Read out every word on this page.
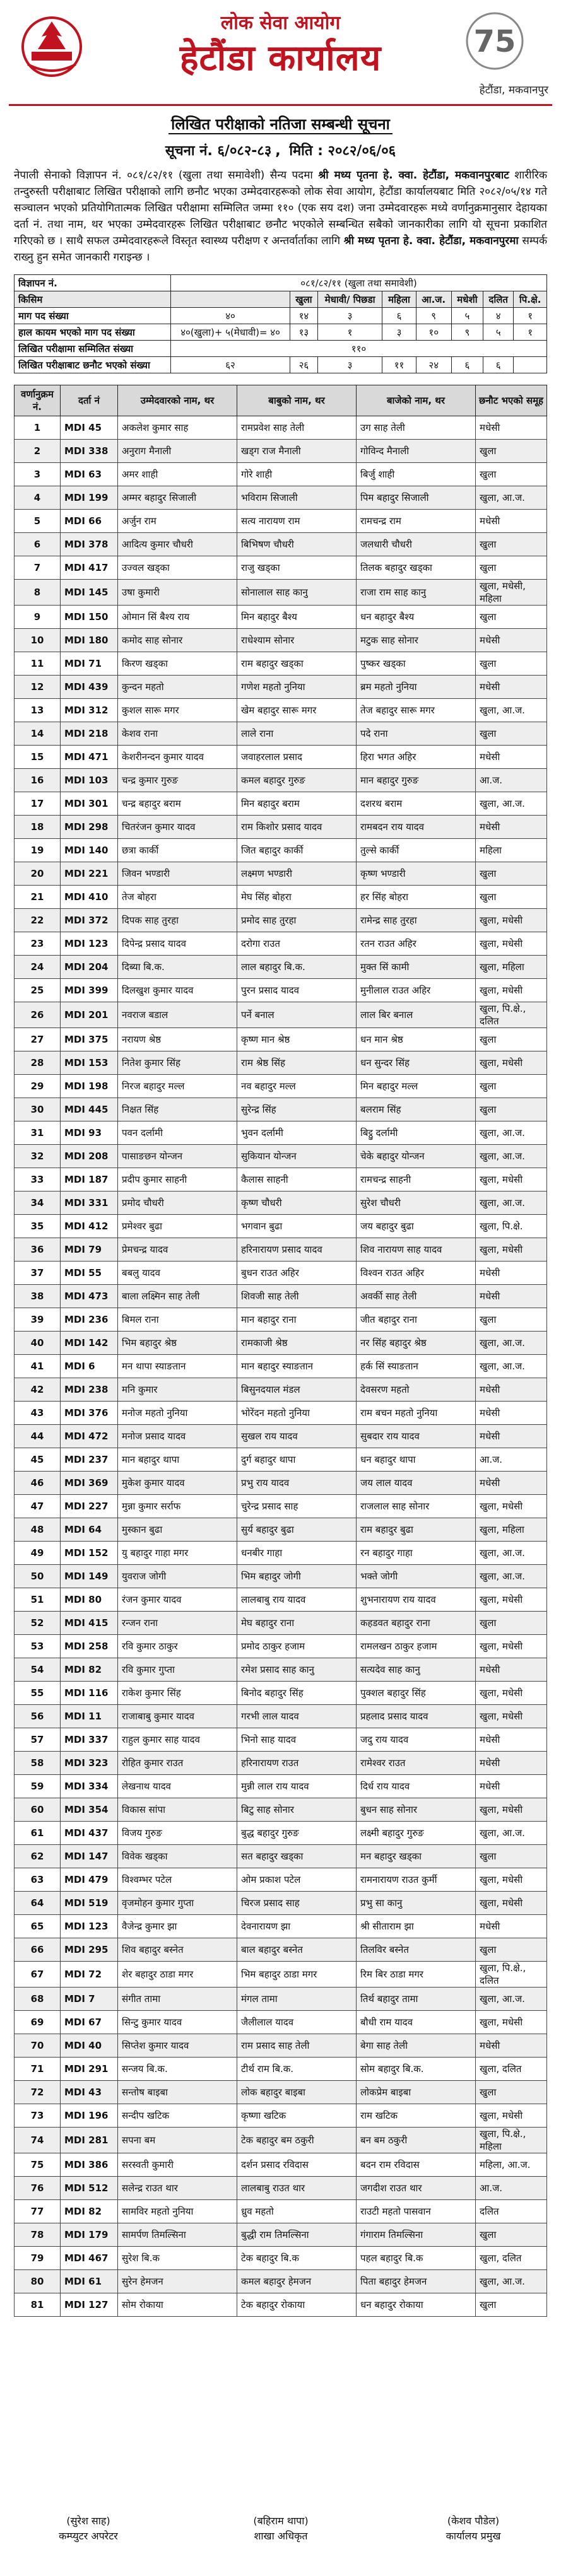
लोक सेवा आयोग
हेटौंडा कार्यालय	75
हेटौंडा, मकवानपुर
लिखित परीक्षाको नतिजा सम्बन्धी सूचना
सूचना नं. ६/०८२-८३ , मिति : २०८२/०६/०६
नेपाली सेनाको विज्ञापन नं. ०८१/८२/११ (खुला तथा समावेशी) सैन्य पदमा श्री मध्य पृतना हे. क्वा. हेटौंडा, मकवानपुरबाट शारीरिक तन्दुरुस्ती परीक्षाबाट लिखित परीक्षाको लागि छनौट भएका उम्मेदवारहरूको लोक सेवा आयोग, हेटौंडा कार्यालयबाट मिति २०८२/०५/१४ गते सञ्चालन भएको प्रतियोगितात्मक लिखित परीक्षामा सम्मिलित जम्मा ११० (एक सय दश) जना उम्मेदवारहरू मध्ये वर्णानुक्रमानुसार देहायका दर्ता नं. तथा नाम, थर भएका उम्मेदवारहरू लिखित परीक्षाबाट छनौट भएकोले सम्बन्धित सबैको जानकारीका लागि यो सूचना प्रकाशित गरिएको छ । साथै सफल उम्मेदवारहरूले विस्तृत स्वास्थ्य परीक्षण र अन्तर्वार्ताका लागि श्री मध्य पृतना हे. क्वा. हेटौंडा, मकवानपुरमा सम्पर्क राख्नु हुन समेत जानकारी गराइन्छ ।
विज्ञापन नं.	०८१/८२/११ (खुला तथा समावेशी)							
किसिम		खुला	मेधावी/ पिछडा	महिला	आ.ज.	मधेशी	दलित	पि.क्षे.
माग पद संख्या	४०	१४	३	६	९	५	४	१
हाल कायम भएको माग पद संख्या	४०(खुला)+ ५(मेधावी)= ४०	१३	१	३	१०	९	५	१
लिखित परीक्षामा सम्मिलित संख्या	११०							
लिखित परीक्षाबाट छनौट भएको संख्या	६२	२६	३	११	२४	६	६	
वर्णानुक्रम नं.	दर्ता नं	उम्मेदवारको नाम, थर	बाबुको नाम, थर	बाजेको नाम, थर	छनौट भएको समूह
1	MDI 45	अकलेश कुमार साह	रामप्रवेश साह तेली	उग साह तेली	मधेसी
2	MDI 338	अनुराग मैनाली	खड्ग राज मैनाली	गोविन्द मैनाली	खुला
3	MDI 63	अमर शाही	गोरे शाही	बिर्जु शाही	खुला
4	MDI 199	अम्मर बहादुर सिजाली	भविराम सिजाली	पिम बहादुर सिजाली	खुला, आ.ज.
5	MDI 66	अर्जुन राम	सत्य नारायण राम	रामचन्द्र राम	मधेसी
6	MDI 378	आदित्य कुमार चौधरी	बिभिषण चौधरी	जलधारी चौधरी	खुला
7	MDI 417	उज्वल खड्का	राजु खड्का	तिलक बहादुर खड्का	खुला
8	MDI 145	उषा कुमारी	सोनालाल साह कानु	राजा राम साह कानु	खुला, मधेसी, महिला
9	MDI 150	ओमान सिं बैश्य राय	मिन बहादुर बैश्य	धन बहादुर बैश्य	खुला
10	MDI 180	कमोद साह सोनार	राधेश्याम सोनार	मटुक साह सोनार	मधेसी
11	MDI 71	किरण खड्का	राम बहादुर खड्का	पुष्कर खड्का	खुला
12	MDI 439	कुन्दन महतो	गणेश महतो नुनिया	ब्रम महतो नुनिया	मधेसी
13	MDI 312	कुशल सारू मगर	खेम बहादुर सारू मगर	तेज बहादुर सारू मगर	खुला, आ.ज.
14	MDI 218	केशव राना	लाले राना	पदे राना	खुला
15	MDI 471	केशरीनन्दन कुमार यादव	जवाहरलाल प्रसाद	हिरा भगत अहिर	मधेसी
16	MDI 103	चन्द्र कुमार गुरुङ	कमल बहादुर गुरुङ	मान बहादुर गुरुङ	आ.ज.
17	MDI 301	चन्द्र बहादुर बराम	मिन बहादुर बराम	दशरथ बराम	खुला, आ.ज.
18	MDI 298	चितरंजन कुमार यादव	राम किशोर प्रसाद यादव	रामबदन राय यादव	मधेसी
19	MDI 140	छत्रा कार्की	जित बहादुर कार्की	तुल्से कार्की	महिला
20	MDI 221	जिवन भण्डारी	लक्ष्मण भण्डारी	कृष्ण भण्डारी	खुला
21	MDI 410	तेज बोहरा	मेघ सिंह बोहरा	हर सिंह बोहरा	खुला
22	MDI 372	दिपक साह तुरहा	प्रमोद साह तुरहा	रामेन्द्र साह तुरहा	खुला, मधेसी
23	MDI 123	दिपेन्द्र प्रसाद यादव	दरोगा राउत	रतन राउत अहिर	खुला, मधेसी
24	MDI 204	दिब्या बि.क.	लाल बहादुर बि.क.	मुक्त सिं कामी	खुला, महिला
25	MDI 399	दिलखुश कुमार यादव	पुरन प्रसाद यादव	मुनीलाल राउत अहिर	खुला, मधेसी
26	MDI 201	नवराज बडाल	पर्ने बनाल	लाल बिर बनाल	खुला, पि.क्षे., दलित
27	MDI 375	नरायण श्रेष्ठ	कृष्ण मान श्रेष्ठ	धन मान श्रेष्ठ	खुला
28	MDI 153	नितेश कुमार सिंह	राम श्रेष्ठ सिंह	धन सुन्दर सिंह	खुला, मधेसी
29	MDI 198	निरज बहादुर मल्ल	नव बहादुर मल्ल	मिन बहादुर मल्ल	खुला
30	MDI 445	निक्षत सिंह	सुरेन्द्र सिंह	बलराम सिंह	खुला
31	MDI 93	पवन दर्लामी	भुवन दर्लामी	बिट्ठु दर्लामी	खुला, आ.ज.
32	MDI 208	पासाङछन योन्जन	सुकियान योन्जन	चेके बहादुर योन्जन	खुला, आ.ज.
33	MDI 187	प्रदीप कुमार साहनी	कैलास साहनी	रामचन्द्र साहनी	खुला, मधेसी
34	MDI 331	प्रमोद चौधरी	कृष्ण चौधरी	सुरेश चौधरी	खुला, आ.ज.
35	MDI 412	प्रमेश्वर बुढा	भगवान बुढा	जय बहादुर बुढा	खुला, पि.क्षे.
36	MDI 79	प्रेमचन्द्र यादव	हरिनारायण प्रसाद यादव	शिव नारायण साह यादव	खुला, मधेसी
37	MDI 55	बबलु यादव	बुधन राउत अहिर	विश्वन राउत अहिर	मधेसी
38	MDI 473	बाला लक्ष्मिन साह तेली	शिवजी साह तेली	अवर्की साह तेली	मधेसी
39	MDI 236	बिमल राना	मान बहादुर राना	जीत बहादुर राना	खुला
40	MDI 142	भिम बहादुर श्रेष्ठ	रामकाजी श्रेष्ठ	नर सिंह बहादुर श्रेष्ठ	खुला, आ.ज.
41	MDI 6	मन थापा स्याङतान	मान बहादुर स्याङतान	हर्क सिं स्याङतान	खुला, आ.ज.
42	MDI 238	मनि कुमार	बिसुनदयाल मंडल	देवसरण महतो	मधेसी
43	MDI 376	मनोज महतो नुनिया	भोरेंदन महतो नुनिया	राम बचन महतो नुनिया	मधेसी
44	MDI 472	मनोज प्रसाद यादव	सुखल राय यादव	सुबदार राय यादव	मधेसी
45	MDI 237	मान बहादुर थापा	दुर्ग बहादुर थापा	धन बहादुर थापा	आ.ज.
46	MDI 369	मुकेश कुमार यादव	प्रभु राय यादव	जय लाल यादव	मधेसी
47	MDI 227	मुन्ना कुमार सर्राफ	चुरेन्द्र प्रसाद साह	राजलाल साह सोनार	खुला, मधेसी
48	MDI 64	मुस्कान बुढा	सुर्य बहादुर बुढा	राम बहादुर बुढा	खुला, महिला
49	MDI 152	यु बहादुर गाहा मगर	धनबीर गाहा	रन बहादुर गाहा	खुला, आ.ज.
50	MDI 149	युवराज जोगी	भिम बहादुर जोगी	भक्ते जोगी	खुला, आ.ज.
51	MDI 80	रंजन कुमार यादव	लालबाबु राय यादव	शुभनारायण राय यादव	खुला, मधेसी
52	MDI 415	रन्जन राना	मेघ बहादुर राना	कहडवत बहादुर राना	खुला
53	MDI 258	रवि कुमार ठाकुर	प्रमोद ठाकुर हजाम	रामलखन ठाकुर हजाम	खुला, मधेसी
54	MDI 82	रवि कुमार गुप्ता	रमेश प्रसाद साह कानु	सत्यदेव साह कानु	मधेसी
55	MDI 116	राकेश कुमार सिंह	बिनोद बहादुर सिंह	पुक्शल बहादुर सिंह	खुला, मधेसी
56	MDI 11	राजाबाबु कुमार यादव	गरभी लाल यादव	प्रहलाद प्रसाद यादव	खुला, मधेसी
57	MDI 337	राहुल कुमार साह यादव	भिनो साह यादव	जदु राय यादव	मधेसी
58	MDI 323	रोहित कुमार राउत	हरिनारायण राउत	रामेश्वर राउत	मधेसी
59	MDI 334	लेखनाथ यादव	मुन्नी लाल राय यादव	दिर्ध राय यादव	मधेसी
60	MDI 354	विकास सांपा	बिटु साह सोनार	बुधन साह सोनार	खुला, मधेसी
61	MDI 437	विजय गुरुङ	बुद्ध बहादुर गुरुङ	लक्ष्मी बहादुर गुरुङ	खुला, आ.ज.
62	MDI 147	विवेक खड्का	सत बहादुर खड्का	मन बहादुर खड्का	खुला
63	MDI 479	विश्वम्भर पटेल	ओम प्रकाश पटेल	रामनारायण राउत कुर्मी	खुला, मधेसी
64	MDI 519	वृजमोहन कुमार गुप्ता	चिरज प्रसाद साह	प्रभु सा कानु	खुला, मधेसी
65	MDI 123	वैजेन्द्र कुमार झा	देवनारायण झा	श्री सीताराम झा	मधेसी
66	MDI 295	शिव बहादुर बस्नेत	बाल बहादुर बस्नेत	तिलविर बस्नेत	खुला
67	MDI 72	शेर बहादुर ठाडा मगर	भिम बहादुर ठाडा मगर	रिम बिर ठाडा मगर	खुला, पि.क्षे., दलित
68	MDI 7	संगीत तामा	मंगल तामा	तिर्थ बहादुर तामा	खुला, आ.ज.
69	MDI 67	सिन्टु कुमार यादव	जैलीलाल यादव	बौधी राम यादव	खुला, मधेसी
70	MDI 40	सिप्तेश कुमार यादव	राम प्रसाद साह तेली	बेगा साह तेली	मधेसी
71	MDI 291	सन्जय बि.क.	टीर्थ राम बि.क.	सोम बहादुर बि.क.	खुला, दलित
72	MDI 43	सन्तोष बाइबा	लोक बहादुर बाइबा	लोकप्रेम बाइबा	खुला
73	MDI 196	सन्दीप खटिक	कृष्णा खटिक	राम खटिक	खुला, मधेसी
74	MDI 281	सपना बम	टेक बहादुर बम ठकुरी	बन बम ठकुरी	खुला, पि.क्षे., महिला
75	MDI 386	सरस्वती कुमारी	दर्शन प्रसाद रविदास	बदन राम रविदास	महिला, आ.ज.
76	MDI 512	सलेन्द्र राउत थार	लालबाबु राउत थार	जगदीश राउत थार	आ.ज.
77	MDI 82	सामविर महतो नुनिया	ध्रुव महतो	राउटी महतो पासवान	दलित
78	MDI 179	सामर्पण तिमल्सिना	बुद्धी राम तिमल्सिना	गंगाराम तिमल्सिना	खुला
79	MDI 467	सुरेश बि.क	टेक बहादुर बि.क	पहल बहादुर बि.क	खुला, दलित
80	MDI 61	सुरेन हेमजन	कमल बहादुर हेमजन	पिता बहादुर हेमजन	खुला, आ.ज.
81	MDI 127	सोम रोकाया	टेक बहादुर रोकाया	धन बहादुर रोकाया	खुला
(सुरेश साह)
कम्प्युटर अपरेटर
(बहिराम थापा)
शाखा अधिकृत
(केशव पौडेल)
कार्यालय प्रमुख
